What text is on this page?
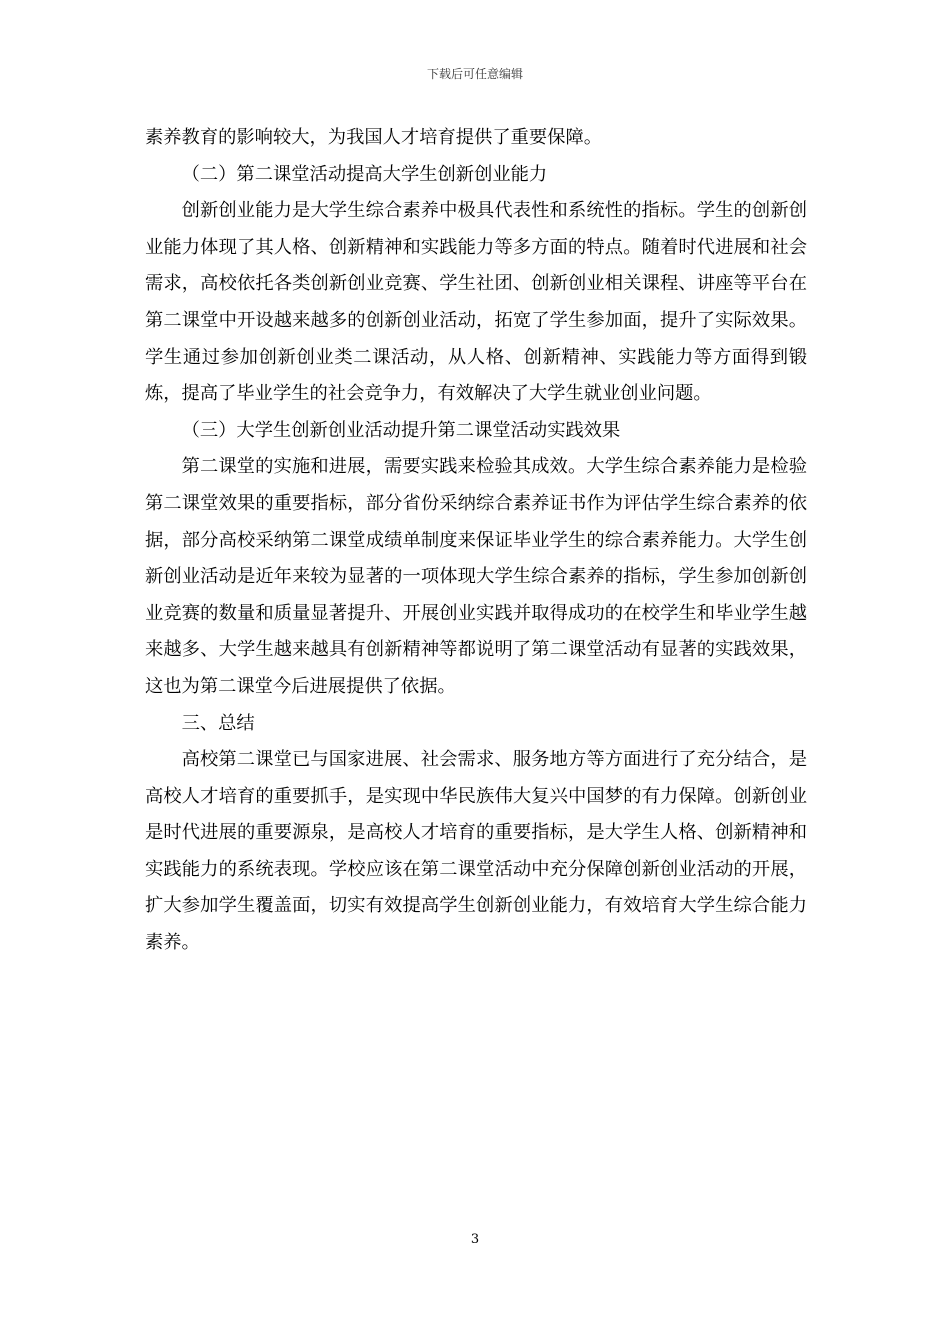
下载后可任意编辑

素养教育的影响较大，为我国人才培育提供了重要保障。

（二）第二课堂活动提高大学生创新创业能力

创新创业能力是大学生综合素养中极具代表性和系统性的指标。学生的创新创业能力体现了其人格、创新精神和实践能力等多方面的特点。随着时代进展和社会需求，高校依托各类创新创业竞赛、学生社团、创新创业相关课程、讲座等平台在第二课堂中开设越来越多的创新创业活动，拓宽了学生参加面，提升了实际效果。学生通过参加创新创业类二课活动，从人格、创新精神、实践能力等方面得到锻炼，提高了毕业学生的社会竞争力，有效解决了大学生就业创业问题。

（三）大学生创新创业活动提升第二课堂活动实践效果

第二课堂的实施和进展，需要实践来检验其成效。大学生综合素养能力是检验第二课堂效果的重要指标，部分省份采纳综合素养证书作为评估学生综合素养的依据，部分高校采纳第二课堂成绩单制度来保证毕业学生的综合素养能力。大学生创新创业活动是近年来较为显著的一项体现大学生综合素养的指标，学生参加创新创业竞赛的数量和质量显著提升、开展创业实践并取得成功的在校学生和毕业学生越来越多、大学生越来越具有创新精神等都说明了第二课堂活动有显著的实践效果，这也为第二课堂今后进展提供了依据。

三、总结

高校第二课堂已与国家进展、社会需求、服务地方等方面进行了充分结合，是高校人才培育的重要抓手，是实现中华民族伟大复兴中国梦的有力保障。创新创业是时代进展的重要源泉，是高校人才培育的重要指标，是大学生人格、创新精神和实践能力的系统表现。学校应该在第二课堂活动中充分保障创新创业活动的开展，扩大参加学生覆盖面，切实有效提高学生创新创业能力，有效培育大学生综合能力素养。

3
